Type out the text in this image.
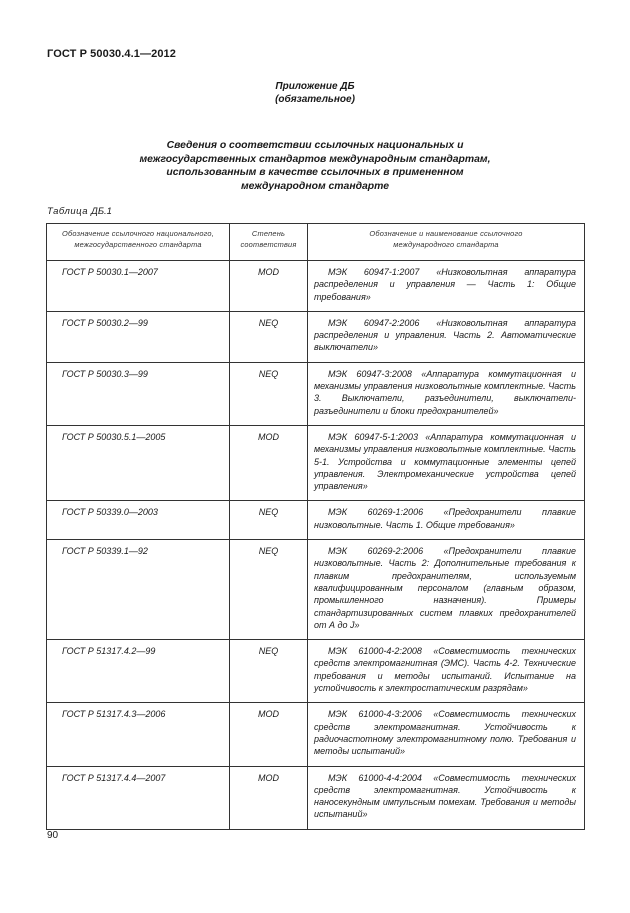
ГОСТ Р 50030.4.1—2012
Приложение ДБ
(обязательное)
Сведения о соответствии ссылочных национальных и
межгосударственных стандартов международным стандартам,
использованным в качестве ссылочных в примененном
международном стандарте
Таблица ДБ.1
Обозначение ссылочного национального, межгосударственного стандарта	Степень соответствия	Обозначение и наименование ссылочного международного стандарта
ГОСТ Р 50030.1—2007	MOD	МЭК 60947-1:2007 «Низковольтная аппаратура распределения и управления — Часть 1: Общие требования»
ГОСТ Р 50030.2—99	NEQ	МЭК 60947-2:2006 «Низковольтная аппаратура распределения и управления. Часть 2. Автоматические выключатели»
ГОСТ Р 50030.3—99	NEQ	МЭК 60947-3:2008 «Аппаратура коммутационная и механизмы управления низковольтные комплектные. Часть 3. Выключатели, разъединители, выключатели-разъединители и блоки предохранителей»
ГОСТ Р 50030.5.1—2005	MOD	МЭК 60947-5-1:2003 «Аппаратура коммутационная и механизмы управления низковольтные комплектные. Часть 5-1. Устройства и коммутационные элементы цепей управления. Электромеханические устройства цепей управления»
ГОСТ Р 50339.0—2003	NEQ	МЭК 60269-1:2006 «Предохранители плавкие низковольтные. Часть 1. Общие требования»
ГОСТ Р 50339.1—92	NEQ	МЭК 60269-2:2006 «Предохранители плавкие низковольтные. Часть 2: Дополнительные требования к плавким предохранителям, используемым квалифицированным персоналом (главным образом, промышленного назначения). Примеры стандартизированных систем плавких предохранителей от А до J»
ГОСТ Р 51317.4.2—99	NEQ	МЭК 61000-4-2:2008 «Совместимость технических средств электромагнитная (ЭМС). Часть 4-2. Технические требования и методы испытаний. Испытание на устойчивость к электростатическим разрядам»
ГОСТ Р 51317.4.3—2006	MOD	МЭК 61000-4-3:2006 «Совместимость технических средств электромагнитная. Устойчивость к радиочастотному электромагнитному полю. Требования и методы испытаний»
ГОСТ Р 51317.4.4—2007	MOD	МЭК 61000-4-4:2004 «Совместимость технических средств электромагнитная. Устойчивость к наносекундным импульсным помехам. Требования и методы испытаний»
90
